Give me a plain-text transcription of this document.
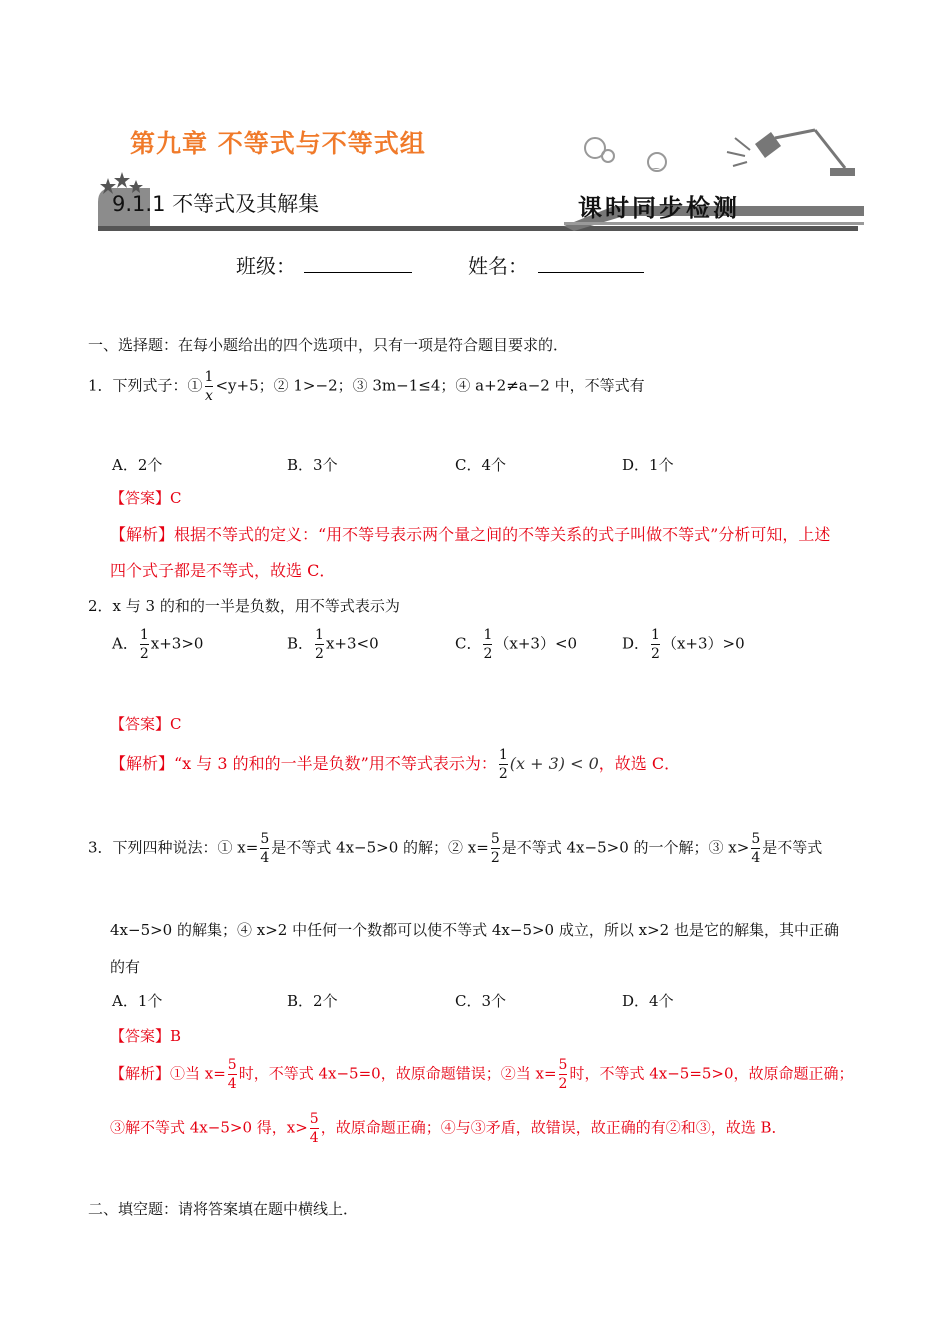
第九章 不等式与不等式组
9.1.1 不等式及其解集	课时同步检测
班级：	姓名：
一、选择题：在每小题给出的四个选项中，只有一项是符合题目要求的．
1．下列式子：① $\frac{1}{x} <y+5$；② 1>−2；③ 3m−1≤4；④ a+2≠a−2 中，不等式有
A．2个	B．3个	C．4个	D．1个
【答案】C
【解析】根据不等式的定义：“用不等号表示两个量之间的不等关系的式子叫做不等式”分析可知，上述
四个式子都是不等式，故选 C．
2．x 与 3 的和的一半是负数，用不等式表示为
A． $\frac{1}{2} x+3>0$	B． $\frac{1}{2} x+3<0$	C． $\frac{1}{2} (x+3)<0$	D． $\frac{1}{2} (x+3)>0$
【答案】C
【解析】“x 与 3 的和的一半是负数”用不等式表示为： $\frac{1}{2} (x + 3) < 0$，故选 C．
3．下列四种说法：① $x= \frac{5}{4}$ 是不等式 4x−5>0 的解；② $x= \frac{5}{2}$ 是不等式 4x−5>0 的一个解；③ $x> \frac{5}{4}$ 是不等式
4x−5>0 的解集；④ x>2 中任何一个数都可以使不等式 4x−5>0 成立，所以 x>2 也是它的解集，其中正确
的有
A．1个	B．2个	C．3个	D．4个
【答案】B
【解析】①当 $x= \frac{5}{4}$ 时，不等式 4x−5=0，故原命题错误；②当 $x= \frac{5}{2}$ 时，不等式 4x−5=5>0，故原命题正确；
③解不等式 4x−5>0 得，$x> \frac{5}{4}$ ，故原命题正确；④与③矛盾，故错误，故正确的有②和③，故选 B．
二、填空题：请将答案填在题中横线上．
